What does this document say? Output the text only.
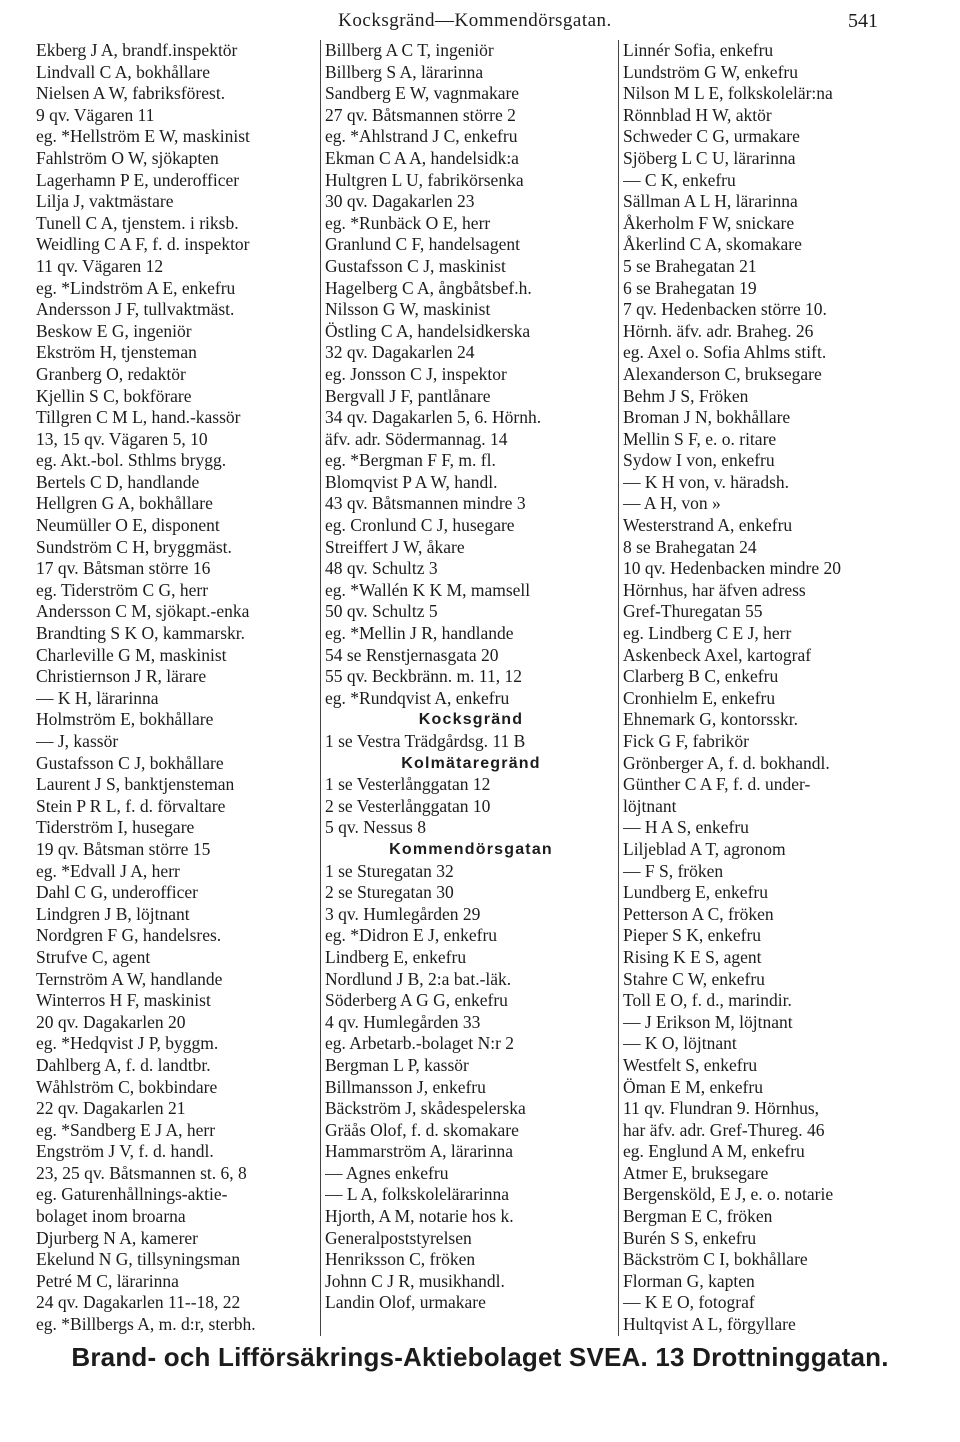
Kocksgränd—Kommendörsgatan.	541
Ekberg J A, brandf.inspektör
Lindvall C A, bokhållare
Nielsen A W, fabriksförest.
9 qv. Vägaren 11
eg. *Hellström E W, maskinist
Fahlström O W, sjökapten
Lagerhamn P E, underofficer
Lilja J, vaktmästare
Tunell C A, tjenstem. i riksb.
Weidling C A F, f. d. inspektor
11 qv. Vägaren 12
eg. *Lindström A E, enkefru
Andersson J F, tullvaktmäst.
Beskow E G, ingeniör
Ekström H, tjensteman
Granberg O, redaktör
Kjellin S C, bokförare
Tillgren C M L, hand.-kassör
13, 15 qv. Vägaren 5, 10
eg. Akt.-bol. Sthlms brygg.
Bertels C D, handlande
Hellgren G A, bokhållare
Neumüller O E, disponent
Sundström C H, bryggmäst.
17 qv. Båtsman större 16
eg. Tiderström C G, herr
Andersson C M, sjökapt.-enka
Brandting S K O, kammarskr.
Charleville G M, maskinist
Christiernson J R, lärare
— K H, lärarinna
Holmström E, bokhållare
— J, kassör
Gustafsson C J, bokhållare
Laurent J S, banktjensteman
Stein P R L, f. d. förvaltare
Tiderström I, husegare
19 qv. Båtsman större 15
eg. *Edvall J A, herr
Dahl C G, underofficer
Lindgren J B, löjtnant
Nordgren F G, handelsres.
Strufve C, agent
Ternström A W, handlande
Winterros H F, maskinist
20 qv. Dagakarlen 20
eg. *Hedqvist J P, byggm.
Dahlberg A, f. d. landtbr.
Wåhlström C, bokbindare
22 qv. Dagakarlen 21
eg. *Sandberg E J A, herr
Engström J V, f. d. handl.
23, 25 qv. Båtsmannen st. 6, 8
eg. Gaturenhållnings-aktie-
bolaget inom broarna
Djurberg N A, kamerer
Ekelund N G, tillsyningsman
Petré M C, lärarinna
24 qv. Dagakarlen 11--18, 22
eg. *Billbergs A, m. d:r, sterbh.
Billberg A C T, ingeniör
Billberg S A, lärarinna
Sandberg E W, vagnmakare
27 qv. Båtsmannen större 2
eg. *Ahlstrand J C, enkefru
Ekman C A A, handelsidk:a
Hultgren L U, fabrikörsenka
30 qv. Dagakarlen 23
eg. *Runbäck O E, herr
Granlund C F, handelsagent
Gustafsson C J, maskinist
Hagelberg C A, ångbåtsbef.h.
Nilsson G W, maskinist
Östling C A, handelsidkerska
32 qv. Dagakarlen 24
eg. Jonsson C J, inspektor
Bergvall J F, pantlånare
34 qv. Dagakarlen 5, 6. Hörnh.
äfv. adr. Södermannag. 14
eg. *Bergman F F, m. fl.
Blomqvist P A W, handl.
43 qv. Båtsmannen mindre 3
eg. Cronlund C J, husegare
Streiffert J W, åkare
48 qv. Schultz 3
eg. *Wallén K K M, mamsell
50 qv. Schultz 5
eg. *Mellin J R, handlande
54 se Renstjernasgata 20
55 qv. Beckbränn. m. 11, 12
eg. *Rundqvist A, enkefru
Kocksgränd
1 se Vestra Trädgårdsg. 11 B
Kolmätaregränd
1 se Vesterlånggatan 12
2 se Vesterlånggatan 10
5 qv. Nessus 8
Kommendörsgatan
1 se Sturegatan 32
2 se Sturegatan 30
3 qv. Humlegården 29
eg. *Didron E J, enkefru
Lindberg E, enkefru
Nordlund J B, 2:a bat.-läk.
Söderberg A G G, enkefru
4 qv. Humlegården 33
eg. Arbetarb.-bolaget N:r 2
Bergman L P, kassör
Billmansson J, enkefru
Bäckström J, skådespelerska
Gräås Olof, f. d. skomakare
Hammarström A, lärarinna
— Agnes enkefru
— L A, folkskolelärarinna
Hjorth, A M, notarie hos k.
Generalpoststyrelsen
Henriksson C, fröken
Johnn C J R, musikhandl.
Landin Olof, urmakare
Linnér Sofia, enkefru
Lundström G W, enkefru
Nilson M L E, folkskolelär:na
Rönnblad H W, aktör
Schweder C G, urmakare
Sjöberg L C U, lärarinna
— C K, enkefru
Sällman A L H, lärarinna
Åkerholm F W, snickare
Åkerlind C A, skomakare
5 se Brahegatan 21
6 se Brahegatan 19
7 qv. Hedenbacken större 10.
Hörnh. äfv. adr. Braheg. 26
eg. Axel o. Sofia Ahlms stift.
Alexanderson C, bruksegare
Behm J S, Fröken
Broman J N, bokhållare
Mellin S F, e. o. ritare
Sydow I von, enkefru
— K H von, v. häradsh.
— A H, von »
Westerstrand A, enkefru
8 se Brahegatan 24
10 qv. Hedenbacken mindre 20
Hörnhus, har äfven adress
Gref-Thuregatan 55
eg. Lindberg C E J, herr
Askenbeck Axel, kartograf
Clarberg B C, enkefru
Cronhielm E, enkefru
Ehnemark G, kontorsskr.
Fick G F, fabrikör
Grönberger A, f. d. bokhandl.
Günther C A F, f. d. under-
löjtnant
— H A S, enkefru
Liljeblad A T, agronom
— F S, fröken
Lundberg E, enkefru
Petterson A C, fröken
Pieper S K, enkefru
Rising K E S, agent
Stahre C W, enkefru
Toll E O, f. d., marindir.
— J Erikson M, löjtnant
— K O, löjtnant
Westfelt S, enkefru
Öman E M, enkefru
11 qv. Flundran 9. Hörnhus,
har äfv. adr. Gref-Thureg. 46
eg. Englund A M, enkefru
Atmer E, bruksegare
Bergensköld, E J, e. o. notarie
Bergman E C, fröken
Burén S S, enkefru
Bäckström C I, bokhållare
Florman G, kapten
— K E O, fotograf
Hultqvist A L, förgyllare
Brand- och Lifförsäkrings-Aktiebolaget SVEA. 13 Drottninggatan.
